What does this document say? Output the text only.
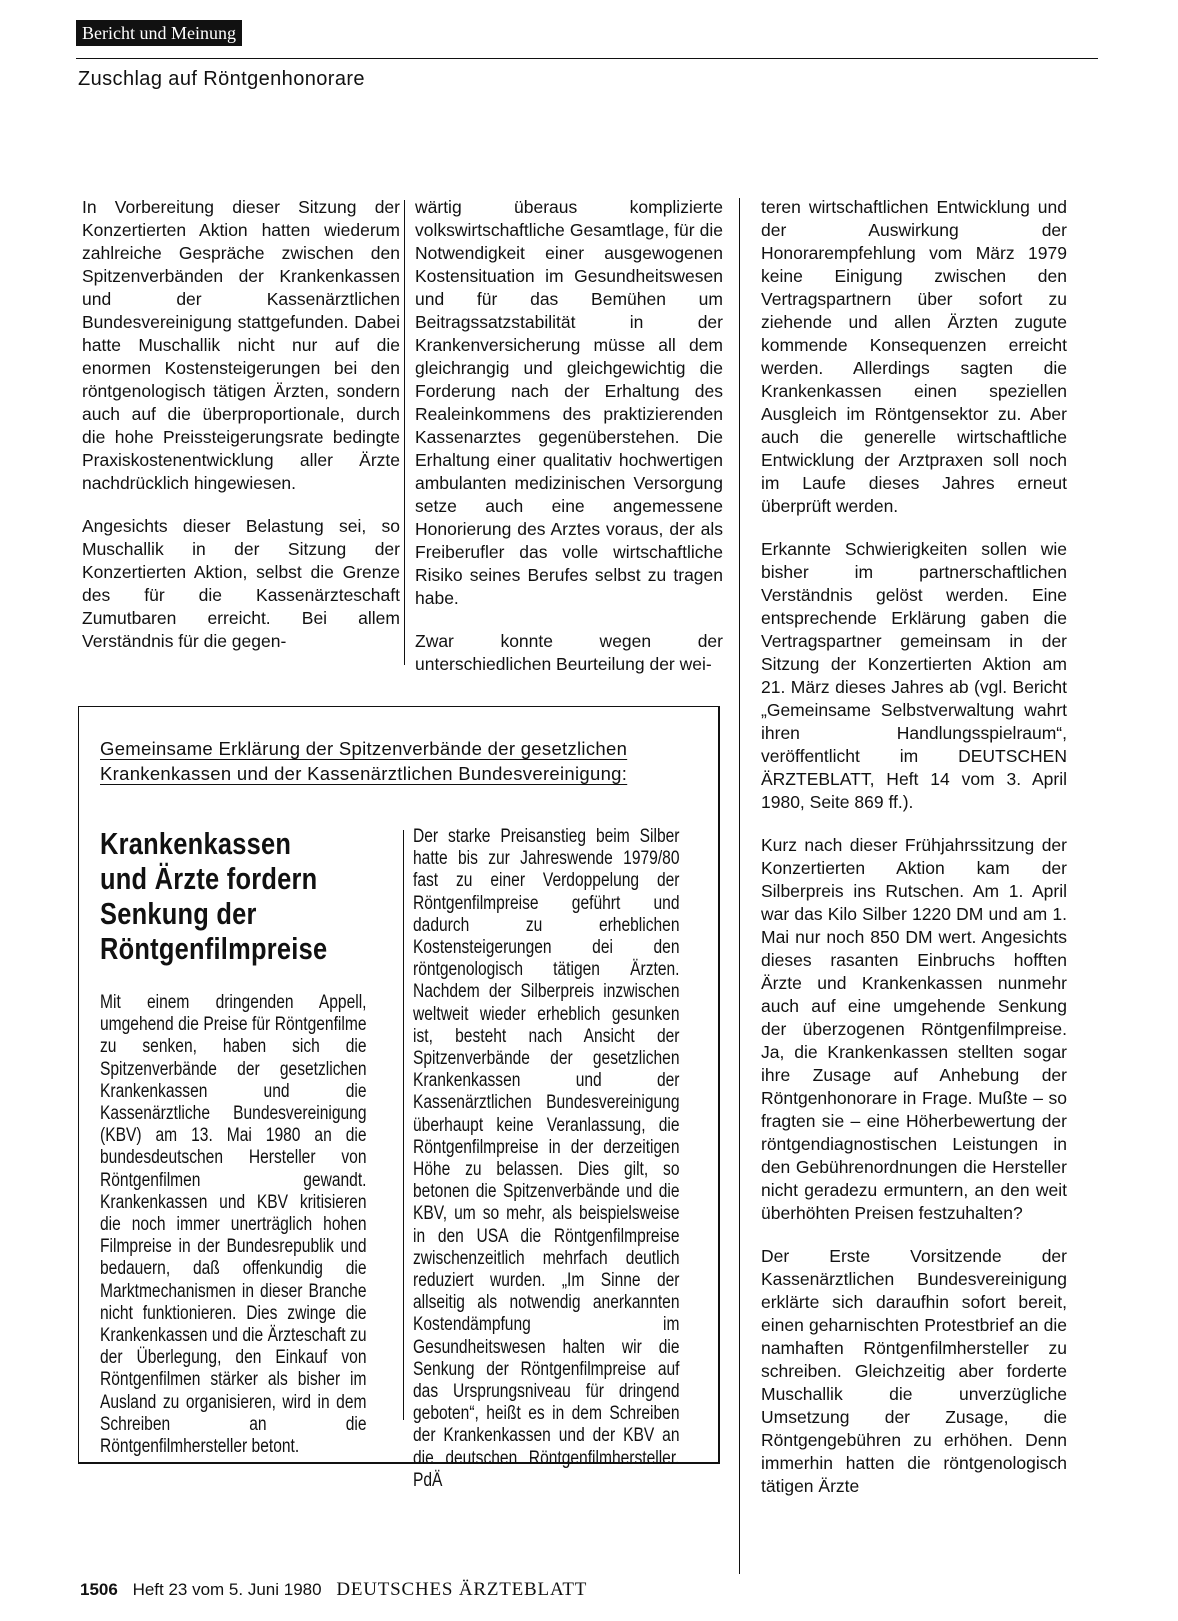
Bericht und Meinung
Zuschlag auf Röntgenhonorare

In Vorbereitung dieser Sitzung der Konzertierten Aktion hatten wiederum zahlreiche Gespräche zwischen den Spitzenverbänden der Krankenkassen und der Kassenärztlichen Bundesvereinigung stattgefunden. Dabei hatte Muschallik nicht nur auf die enormen Kostensteigerungen bei den röntgenologisch tätigen Ärzten, sondern auch auf die überproportionale, durch die hohe Preissteigerungsrate bedingte Praxiskostenentwicklung aller Ärzte nachdrücklich hingewiesen.

Angesichts dieser Belastung sei, so Muschallik in der Sitzung der Konzertierten Aktion, selbst die Grenze des für die Kassenärzteschaft Zumutbaren erreicht. Bei allem Verständnis für die gegen-

wärtig überaus komplizierte volkswirtschaftliche Gesamtlage, für die Notwendigkeit einer ausgewogenen Kostensituation im Gesundheitswesen und für das Bemühen um Beitragssatzstabilität in der Krankenversicherung müsse all dem gleichrangig und gleichgewichtig die Forderung nach der Erhaltung des Realeinkommens des praktizierenden Kassenarztes gegenüberstehen. Die Erhaltung einer qualitativ hochwertigen ambulanten medizinischen Versorgung setze auch eine angemessene Honorierung des Arztes voraus, der als Freiberufler das volle wirtschaftliche Risiko seines Berufes selbst zu tragen habe.

Zwar konnte wegen der unterschiedlichen Beurteilung der wei-

teren wirtschaftlichen Entwicklung und der Auswirkung der Honorarempfehlung vom März 1979 keine Einigung zwischen den Vertragspartnern über sofort zu ziehende und allen Ärzten zugute kommende Konsequenzen erreicht werden. Allerdings sagten die Krankenkassen einen speziellen Ausgleich im Röntgensektor zu. Aber auch die generelle wirtschaftliche Entwicklung der Arztpraxen soll noch im Laufe dieses Jahres erneut überprüft werden.

Erkannte Schwierigkeiten sollen wie bisher im partnerschaftlichen Verständnis gelöst werden. Eine entsprechende Erklärung gaben die Vertragspartner gemeinsam in der Sitzung der Konzertierten Aktion am 21. März dieses Jahres ab (vgl. Bericht „Gemeinsame Selbstverwaltung wahrt ihren Handlungsspielraum“, veröffentlicht im DEUTSCHEN ÄRZTEBLATT, Heft 14 vom 3. April 1980, Seite 869 ff.).

Kurz nach dieser Frühjahrssitzung der Konzertierten Aktion kam der Silberpreis ins Rutschen. Am 1. April war das Kilo Silber 1220 DM und am 1. Mai nur noch 850 DM wert. Angesichts dieses rasanten Einbruchs hofften Ärzte und Krankenkassen nunmehr auch auf eine umgehende Senkung der überzogenen Röntgenfilmpreise. Ja, die Krankenkassen stellten sogar ihre Zusage auf Anhebung der Röntgenhonorare in Frage. Mußte – so fragten sie – eine Höherbewertung der röntgendiagnostischen Leistungen in den Gebührenordnungen die Hersteller nicht geradezu ermuntern, an den weit überhöhten Preisen festzuhalten?

Der Erste Vorsitzende der Kassenärztlichen Bundesvereinigung erklärte sich daraufhin sofort bereit, einen geharnischten Protestbrief an die namhaften Röntgenfilmhersteller zu schreiben. Gleichzeitig aber forderte Muschallik die unverzügliche Umsetzung der Zusage, die Röntgengebühren zu erhöhen. Denn immerhin hatten die röntgenologisch tätigen Ärzte

Gemeinsame Erklärung der Spitzenverbände der gesetzlichen
Krankenkassen und der Kassenärztlichen Bundesvereinigung:
Krankenkassen
und Ärzte fordern
Senkung der
Röntgenfilmpreise

Mit einem dringenden Appell, umgehend die Preise für Röntgenfilme zu senken, haben sich die Spitzenverbände der gesetzlichen Krankenkassen und die Kassenärztliche Bundesvereinigung (KBV) am 13. Mai 1980 an die bundesdeutschen Hersteller von Röntgenfilmen gewandt. Krankenkassen und KBV kritisieren die noch immer unerträglich hohen Filmpreise in der Bundesrepublik und bedauern, daß offenkundig die Marktmechanismen in dieser Branche nicht funktionieren. Dies zwinge die Krankenkassen und die Ärzteschaft zu der Überlegung, den Einkauf von Röntgenfilmen stärker als bisher im Ausland zu organisieren, wird in dem Schreiben an die Röntgenfilmhersteller betont.

Der starke Preisanstieg beim Silber hatte bis zur Jahreswende 1979/80 fast zu einer Verdoppelung der Röntgenfilmpreise geführt und dadurch zu erheblichen Kostensteigerungen dei den röntgenologisch tätigen Ärzten. Nachdem der Silberpreis inzwischen weltweit wieder erheblich gesunken ist, besteht nach Ansicht der Spitzenverbände der gesetzlichen Krankenkassen und der Kassenärztlichen Bundesvereinigung überhaupt keine Veranlassung, die Röntgenfilmpreise in der derzeitigen Höhe zu belassen. Dies gilt, so betonen die Spitzenverbände und die KBV, um so mehr, als beispielsweise in den USA die Röntgenfilmpreise zwischenzeitlich mehrfach deutlich reduziert wurden. „Im Sinne der allseitig als notwendig anerkannten Kostendämpfung im Gesundheitswesen halten wir die Senkung der Röntgenfilmpreise auf das Ursprungsniveau für dringend geboten“, heißt es in dem Schreiben der Krankenkassen und der KBV an die deutschen Röntgenfilmhersteller. PdÄ

1506 Heft 23 vom 5. Juni 1980 DEUTSCHES ÄRZTEBLATT
